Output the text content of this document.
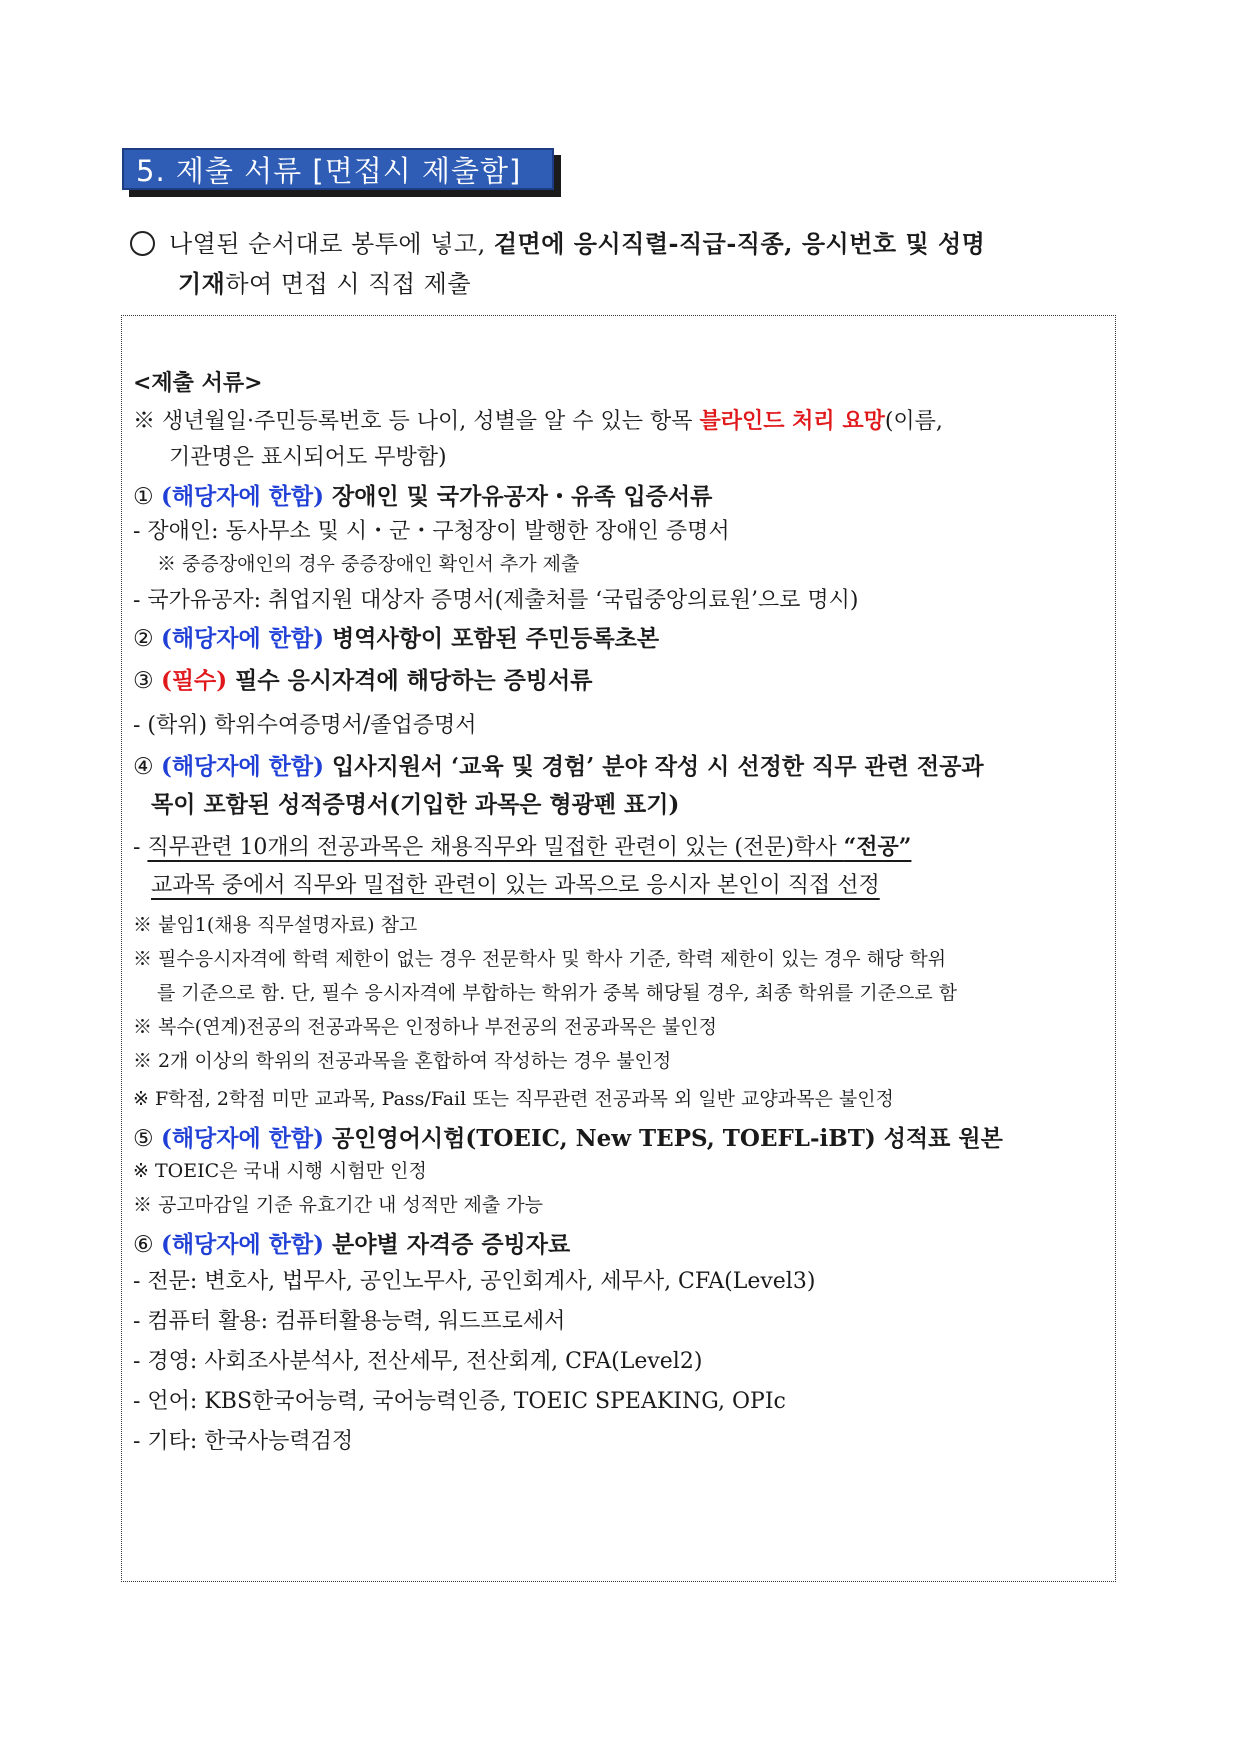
5. 제출 서류 [면접시 제출함]
나열된 순서대로 봉투에 넣고, 겉면에 응시직렬-직급-직종, 응시번호 및 성명
기재하여 면접 시 직접 제출
<제출 서류>
※ 생년월일·주민등록번호 등 나이, 성별을 알 수 있는 항목 블라인드 처리 요망(이름,
기관명은 표시되어도 무방함)
① (해당자에 한함) 장애인 및 국가유공자・유족 입증서류
- 장애인: 동사무소 및 시・군・구청장이 발행한 장애인 증명서
※ 중증장애인의 경우 중증장애인 확인서 추가 제출
- 국가유공자: 취업지원 대상자 증명서(제출처를 ‘국립중앙의료원’으로 명시)
② (해당자에 한함) 병역사항이 포함된 주민등록초본
③ (필수) 필수 응시자격에 해당하는 증빙서류
- (학위) 학위수여증명서/졸업증명서
④ (해당자에 한함) 입사지원서 ‘교육 및 경험’ 분야 작성 시 선정한 직무 관련 전공과
목이 포함된 성적증명서(기입한 과목은 형광펜 표기)
- 직무관련 10개의 전공과목은 채용직무와 밀접한 관련이 있는 (전문)학사 “전공”
교과목 중에서 직무와 밀접한 관련이 있는 과목으로 응시자 본인이 직접 선정
※ 붙임1(채용 직무설명자료) 참고
※ 필수응시자격에 학력 제한이 없는 경우 전문학사 및 학사 기준, 학력 제한이 있는 경우 해당 학위
를 기준으로 함. 단, 필수 응시자격에 부합하는 학위가 중복 해당될 경우, 최종 학위를 기준으로 함
※ 복수(연계)전공의 전공과목은 인정하나 부전공의 전공과목은 불인정
※ 2개 이상의 학위의 전공과목을 혼합하여 작성하는 경우 불인정
※ F학점, 2학점 미만 교과목, Pass/Fail 또는 직무관련 전공과목 외 일반 교양과목은 불인정
⑤ (해당자에 한함) 공인영어시험(TOEIC, New TEPS, TOEFL-iBT) 성적표 원본
※ TOEIC은 국내 시행 시험만 인정
※ 공고마감일 기준 유효기간 내 성적만 제출 가능
⑥ (해당자에 한함) 분야별 자격증 증빙자료
- 전문: 변호사, 법무사, 공인노무사, 공인회계사, 세무사, CFA(Level3)
- 컴퓨터 활용: 컴퓨터활용능력, 워드프로세서
- 경영: 사회조사분석사, 전산세무, 전산회계, CFA(Level2)
- 언어: KBS한국어능력, 국어능력인증, TOEIC SPEAKING, OPIc
- 기타: 한국사능력검정
